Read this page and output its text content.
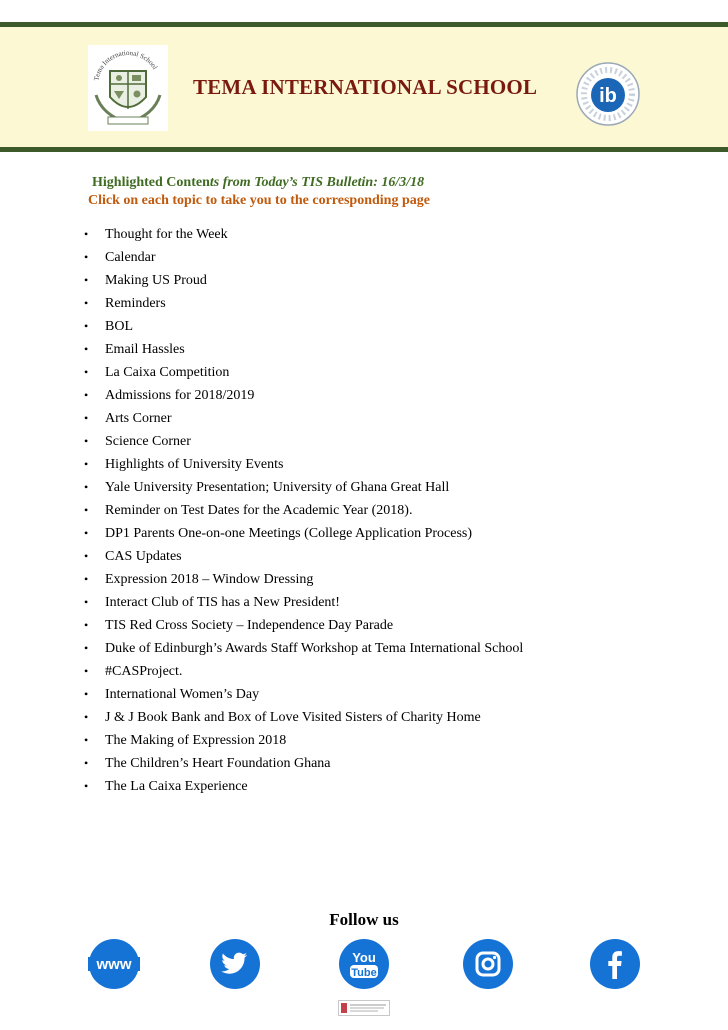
Tema International School
TEMA INTERNATIONAL SCHOOL	ib
Highlighted Contents from Today’s TIS Bulletin: 16/3/18
Click on each topic to take you to the corresponding page
• Thought for the Week
• Calendar
• Making US Proud
• Reminders
• BOL
• Email Hassles
• La Caixa Competition
• Admissions for 2018/2019
• Arts Corner
• Science Corner
• Highlights of University Events
• Yale University Presentation; University of Ghana Great Hall
• Reminder on Test Dates for the Academic Year (2018).
• DP1 Parents One-on-one Meetings (College Application Process)
• CAS Updates
• Expression 2018 – Window Dressing
• Interact Club of TIS has a New President!
• TIS Red Cross Society – Independence Day Parade
• Duke of Edinburgh’s Awards Staff Workshop at Tema International School
• #CASProject.
• International Women’s Day
• J & J Book Bank and Box of Love Visited Sisters of Charity Home
• The Making of Expression 2018
• The Children’s Heart Foundation Ghana
• The La Caixa Experience
Follow us
www	You
Tube
